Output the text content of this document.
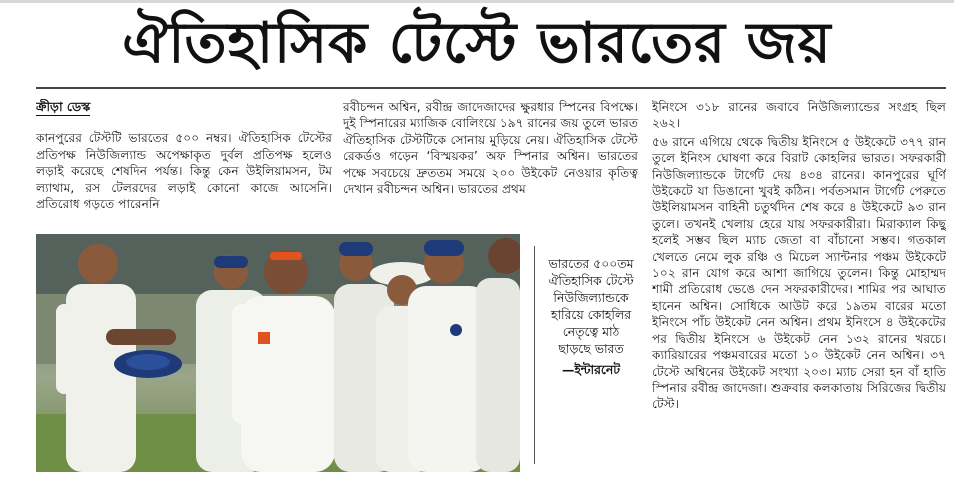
ঐতিহাসিক টেস্টে ভারতের জয়
ক্রীড়া ডেস্ক

কানপুরের টেস্টটি ভারতের ৫০০ নম্বর। ঐতিহাসিক টেস্টের প্রতিপক্ষ নিউজিল্যান্ড অপেক্ষাকৃত দুর্বল প্রতিপক্ষ হলেও লড়াই করেছে শেষদিন পর্যন্ত। কিন্তু কেন উইলিয়ামসন, টম ল্যাথাম, রস টেলরদের লড়াই কোনো কাজে আসেনি। প্রতিরোধ গড়তে পারেননি

রবীচন্দন অশ্বিন, রবীন্দ্র জাদেজাদের ক্ষুরধার স্পিনের বিপক্ষে। দুই স্পিনারের ম্যাজিক বোলিংয়ে ১৯৭ রানের জয় তুলে ভারত ঐতিহাসিক টেস্টটিকে সোনায় মুড়িয়ে নেয়। ঐতিহাসিক টেস্টে রেকর্ডও গড়েন ‘বিস্ময়কর’ অফ স্পিনার অশ্বিন। ভারতের পক্ষে সবচেয়ে দ্রুততম সময়ে ২০০ উইকেট নেওয়ার কৃতিত্ব দেখান রবীচন্দন অশ্বিন। ভারতের প্রথম

ইনিংসে ৩১৮ রানের জবাবে নিউজিল্যান্ডের সংগ্রহ ছিল ২৬২।

৫৬ রানে এগিয়ে থেকে দ্বিতীয় ইনিংসে ৫ উইকেটে ৩৭৭ রান তুলে ইনিংস ঘোষণা করে বিরাট কোহলির ভারত। সফরকারী নিউজিল্যান্ডকে টার্গেট দেয় ৪৩৪ রানের। কানপুরের ঘূর্ণি উইকেটে যা ডিঙানো খুবই কঠিন। পর্বতসমান টার্গেট পেরুতে উইলিয়ামসন বাহিনী চতুর্থদিন শেষ করে ৪ উইকেটে ৯৩ রান তুলে। তখনই খেলায় হেরে যায় সফরকারীরা। মিরাক্যাল কিছু হলেই সম্ভব ছিল ম্যাচ জেতা বা বাঁচানো সম্ভব। গতকাল খেলতে নেমে লুক রঞ্চি ও মিচেল স্যান্টনার পঞ্চম উইকেটে ১০২ রান যোগ করে আশা জাগিয়ে তুলেন। কিন্তু মোহাম্মদ শামী প্রতিরোধ ভেঙে দেন সফরকারীদের। শামির পর আঘাত হানেন অশ্বিন। সোধিকে আউট করে ১৯তম বারের মতো ইনিংসে পাঁচ উইকেট নেন অশ্বিন। প্রথম ইনিংসে ৪ উইকেটের পর দ্বিতীয় ইনিংসে ৬ উইকেট নেন ১৩২ রানের খরচে। ক্যারিয়ারের পঞ্চমবারের মতো ১০ উইকেট নেন অশ্বিন। ৩৭ টেস্টে অশ্বিনের উইকেট সংখ্যা ২০৩। ম্যাচ সেরা হন বাঁ হাতি স্পিনার রবীন্দ্র জাদেজা। শুক্রবার কলকাতায় সিরিজের দ্বিতীয় টেস্ট।

ভারতের ৫০০তম ঐতিহাসিক টেস্টে নিউজিল্যান্ডকে হারিয়ে কোহলির নেতৃত্বে মাঠ ছাড়ছে ভারত
—ইন্টারনেট
